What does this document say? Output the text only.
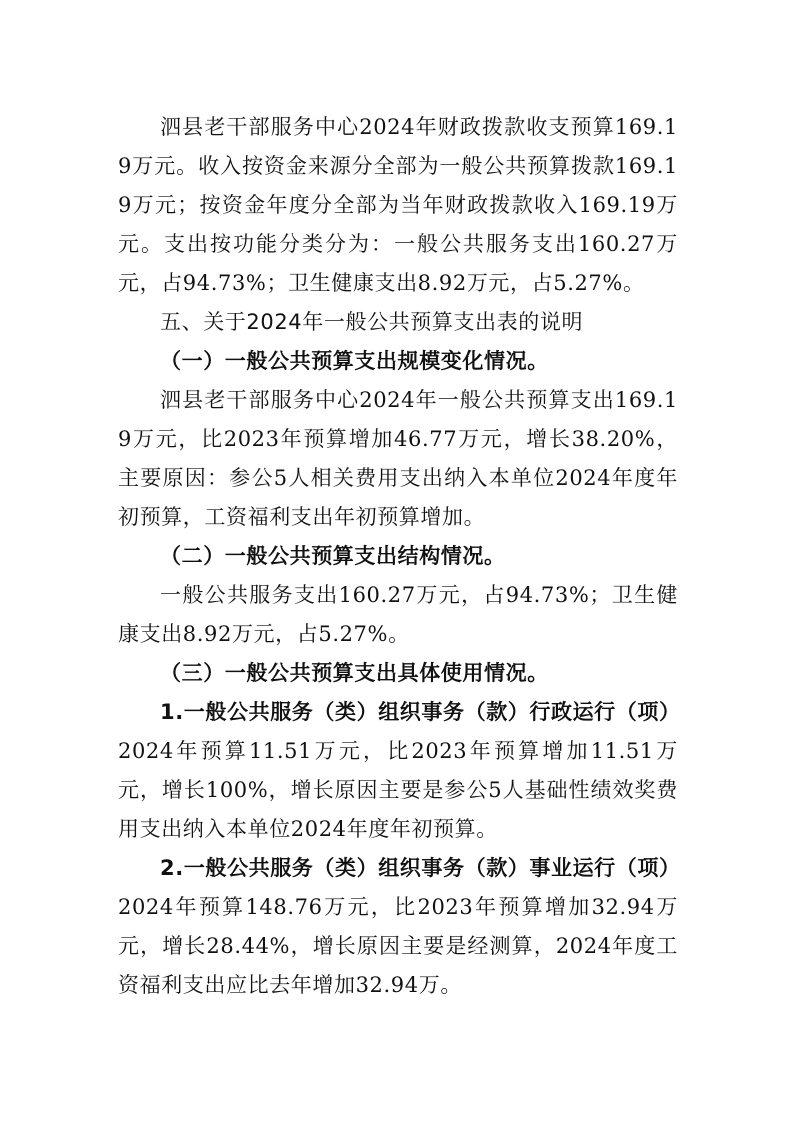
泗县老干部服务中心2024年财政拨款收支预算169.19万元。收入按资金来源分全部为一般公共预算拨款169.19万元；按资金年度分全部为当年财政拨款收入169.19万元。支出按功能分类分为：一般公共服务支出160.27万元，占94.73%；卫生健康支出8.92万元，占5.27%。

五、关于2024年一般公共预算支出表的说明

（一）一般公共预算支出规模变化情况。

泗县老干部服务中心2024年一般公共预算支出169.19万元，比2023年预算增加46.77万元，增长38.20%，主要原因：参公5人相关费用支出纳入本单位2024年度年初预算，工资福利支出年初预算增加。

（二）一般公共预算支出结构情况。

一般公共服务支出160.27万元，占94.73%；卫生健康支出8.92万元，占5.27%。

（三）一般公共预算支出具体使用情况。

1.一般公共服务（类）组织事务（款）行政运行（项）2024年预算11.51万元，比2023年预算增加11.51万元，增长100%，增长原因主要是参公5人基础性绩效奖费用支出纳入本单位2024年度年初预算。

2.一般公共服务（类）组织事务（款）事业运行（项）2024年预算148.76万元，比2023年预算增加32.94万元，增长28.44%，增长原因主要是经测算，2024年度工资福利支出应比去年增加32.94万。
